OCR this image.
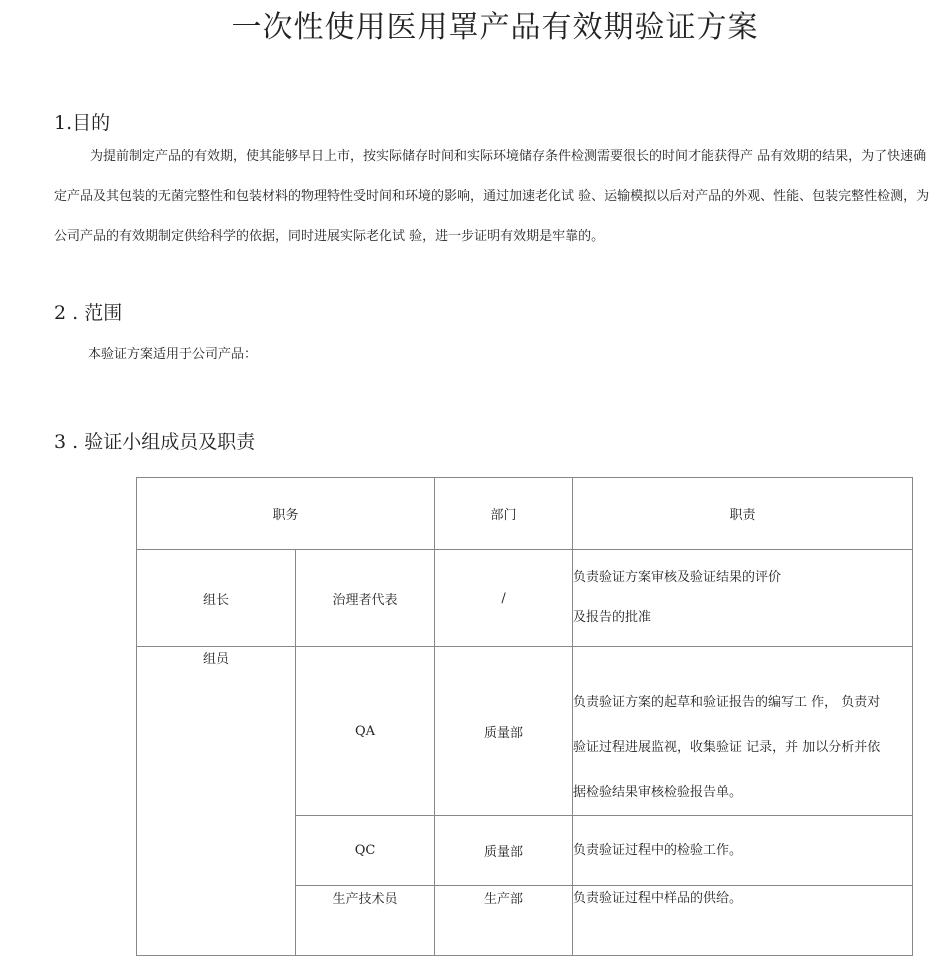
一次性使用医用罩产品有效期验证方案
1.目的

为提前制定产品的有效期，使其能够早日上市，按实际储存时间和实际环境储存条件检测需要很长的时间才能获得产 品有效期的结果，为了快速确定产品及其包装的无菌完整性和包装材料的物理特性受时间和环境的影响，通过加速老化试 验、运输模拟以后对产品的外观、性能、包装完整性检测，为公司产品的有效期制定供给科学的依据，同时进展实际老化试 验，进一步证明有效期是牢靠的。

2 . 范围

本验证方案适用于公司产品：

3 . 验证小组成员及职责
职务		部门	职责
组长	治理者代表	/	负责验证方案审核及验证结果的评价
及报告的批准
组员	QA	质量部	负责验证方案的起草和验证报告的编写工 作， 负责对
验证过程进展监视，收集验证 记录，并 加以分析并依
据检验结果审核检验报告单。
	QC	质量部	负责验证过程中的检验工作。
	生产技术员	生产部	负责验证过程中样品的供给。
